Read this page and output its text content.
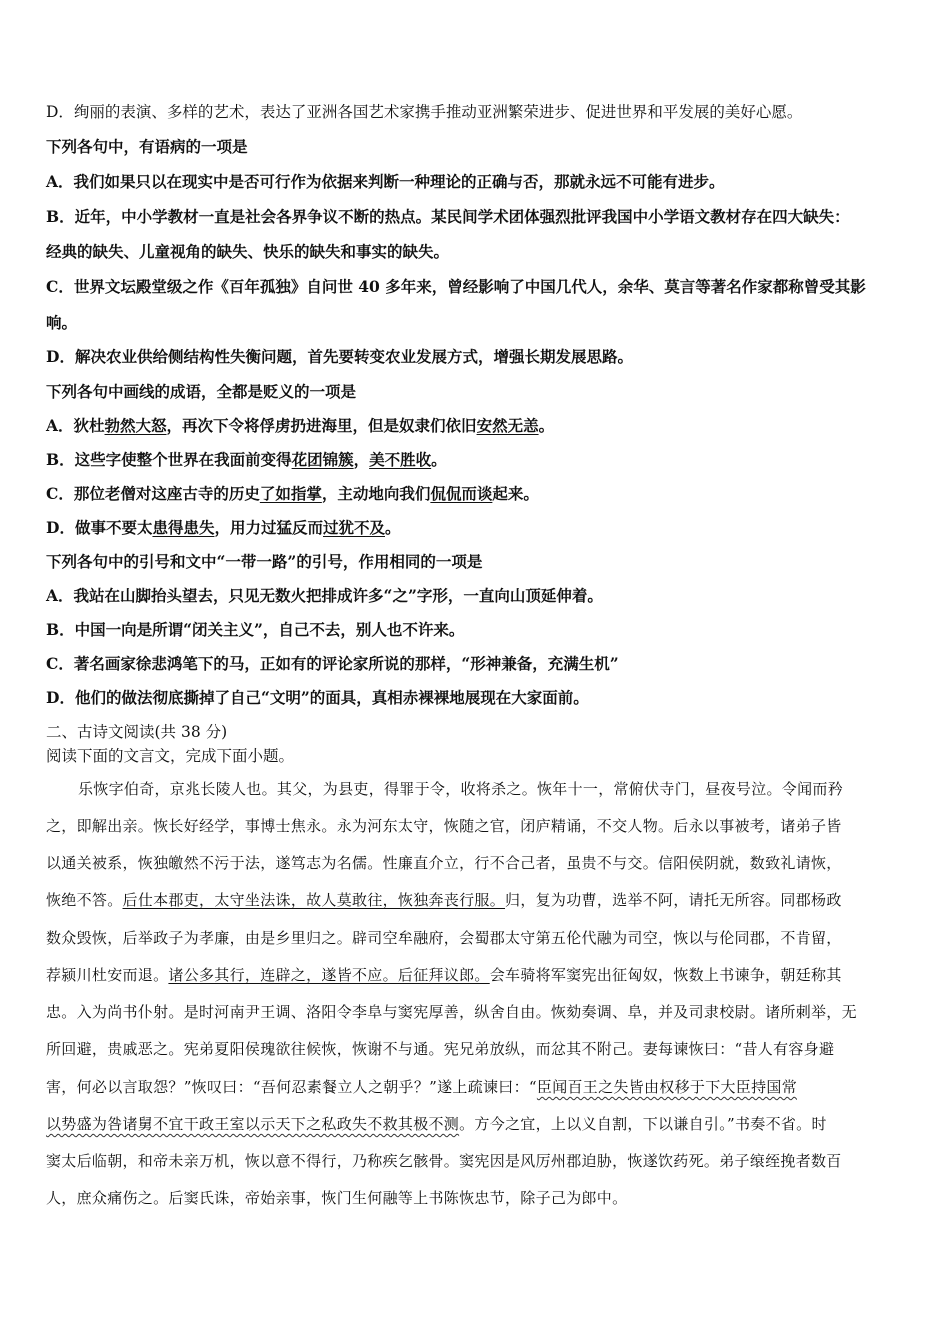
D．绚丽的表演、多样的艺术，表达了亚洲各国艺术家携手推动亚洲繁荣进步、促进世界和平发展的美好心愿。
下列各句中，有语病的一项是
A．我们如果只以在现实中是否可行作为依据来判断一种理论的正确与否，那就永远不可能有进步。
B．近年，中小学教材一直是社会各界争议不断的热点。某民间学术团体强烈批评我国中小学语文教材存在四大缺失：
经典的缺失、儿童视角的缺失、快乐的缺失和事实的缺失。
C．世界文坛殿堂级之作《百年孤独》自问世 40 多年来，曾经影响了中国几代人，余华、莫言等著名作家都称曾受其影
响。
D．解决农业供给侧结构性失衡问题，首先要转变农业发展方式，增强长期发展思路。
下列各句中画线的成语，全都是贬义的一项是
A．狄杜勃然大怒，再次下令将俘虏扔进海里，但是奴隶们依旧安然无恙。
B．这些字使整个世界在我面前变得花团锦簇，美不胜收。
C．那位老僧对这座古寺的历史了如指掌，主动地向我们侃侃而谈起来。
D．做事不要太患得患失，用力过猛反而过犹不及。
下列各句中的引号和文中“一带一路”的引号，作用相同的一项是
A．我站在山脚抬头望去，只见无数火把排成许多“之”字形，一直向山顶延伸着。
B．中国一向是所谓“闭关主义”，自己不去，别人也不许来。
C．著名画家徐悲鸿笔下的马，正如有的评论家所说的那样，“形神兼备，充满生机”
D．他们的做法彻底撕掉了自己“文明”的面具，真相赤裸裸地展现在大家面前。
二、古诗文阅读(共 38 分)
阅读下面的文言文，完成下面小题。
乐恢字伯奇，京兆长陵人也。其父，为县吏，得罪于令，收将杀之。恢年十一，常俯伏寺门，昼夜号泣。令闻而矜
之，即解出亲。恢长好经学，事博士焦永。永为河东太守，恢随之官，闭庐精诵，不交人物。后永以事被考，诸弟子皆
以通关被系，恢独皦然不污于法，遂笃志为名儒。性廉直介立，行不合己者，虽贵不与交。信阳侯阴就，数致礼请恢，
恢绝不答。后仕本郡吏，太守坐法诛，故人莫敢往，恢独奔丧行服。归，复为功曹，选举不阿，请托无所容。同郡杨政
数众毁恢，后举政子为孝廉，由是乡里归之。辟司空牟融府，会蜀郡太守第五伦代融为司空，恢以与伦同郡，不肯留，
荐颍川杜安而退。诸公多其行，连辟之，遂皆不应。后征拜议郎。会车骑将军窦宪出征匈奴，恢数上书谏争，朝廷称其
忠。入为尚书仆射。是时河南尹王调、洛阳令李阜与窦宪厚善，纵舍自由。恢劾奏调、阜，并及司隶校尉。诸所刺举，无
所回避，贵戚恶之。宪弟夏阳侯瑰欲往候恢，恢谢不与通。宪兄弟放纵，而忿其不附己。妻每谏恢曰：“昔人有容身避
害，何必以言取怨？”恢叹曰：“吾何忍素餐立人之朝乎？”遂上疏谏曰：“臣闻百王之失皆由权移于下大臣持国常
以势盛为咎诸舅不宜干政王室以示天下之私政失不救其极不测。方今之宜，上以义自割，下以谦自引。”书奏不省。时
窦太后临朝，和帝未亲万机，恢以意不得行，乃称疾乞骸骨。窦宪因是风厉州郡迫胁，恢遂饮药死。弟子缞绖挽者数百
人，庶众痛伤之。后窦氏诛，帝始亲事，恢门生何融等上书陈恢忠节，除子己为郎中。
